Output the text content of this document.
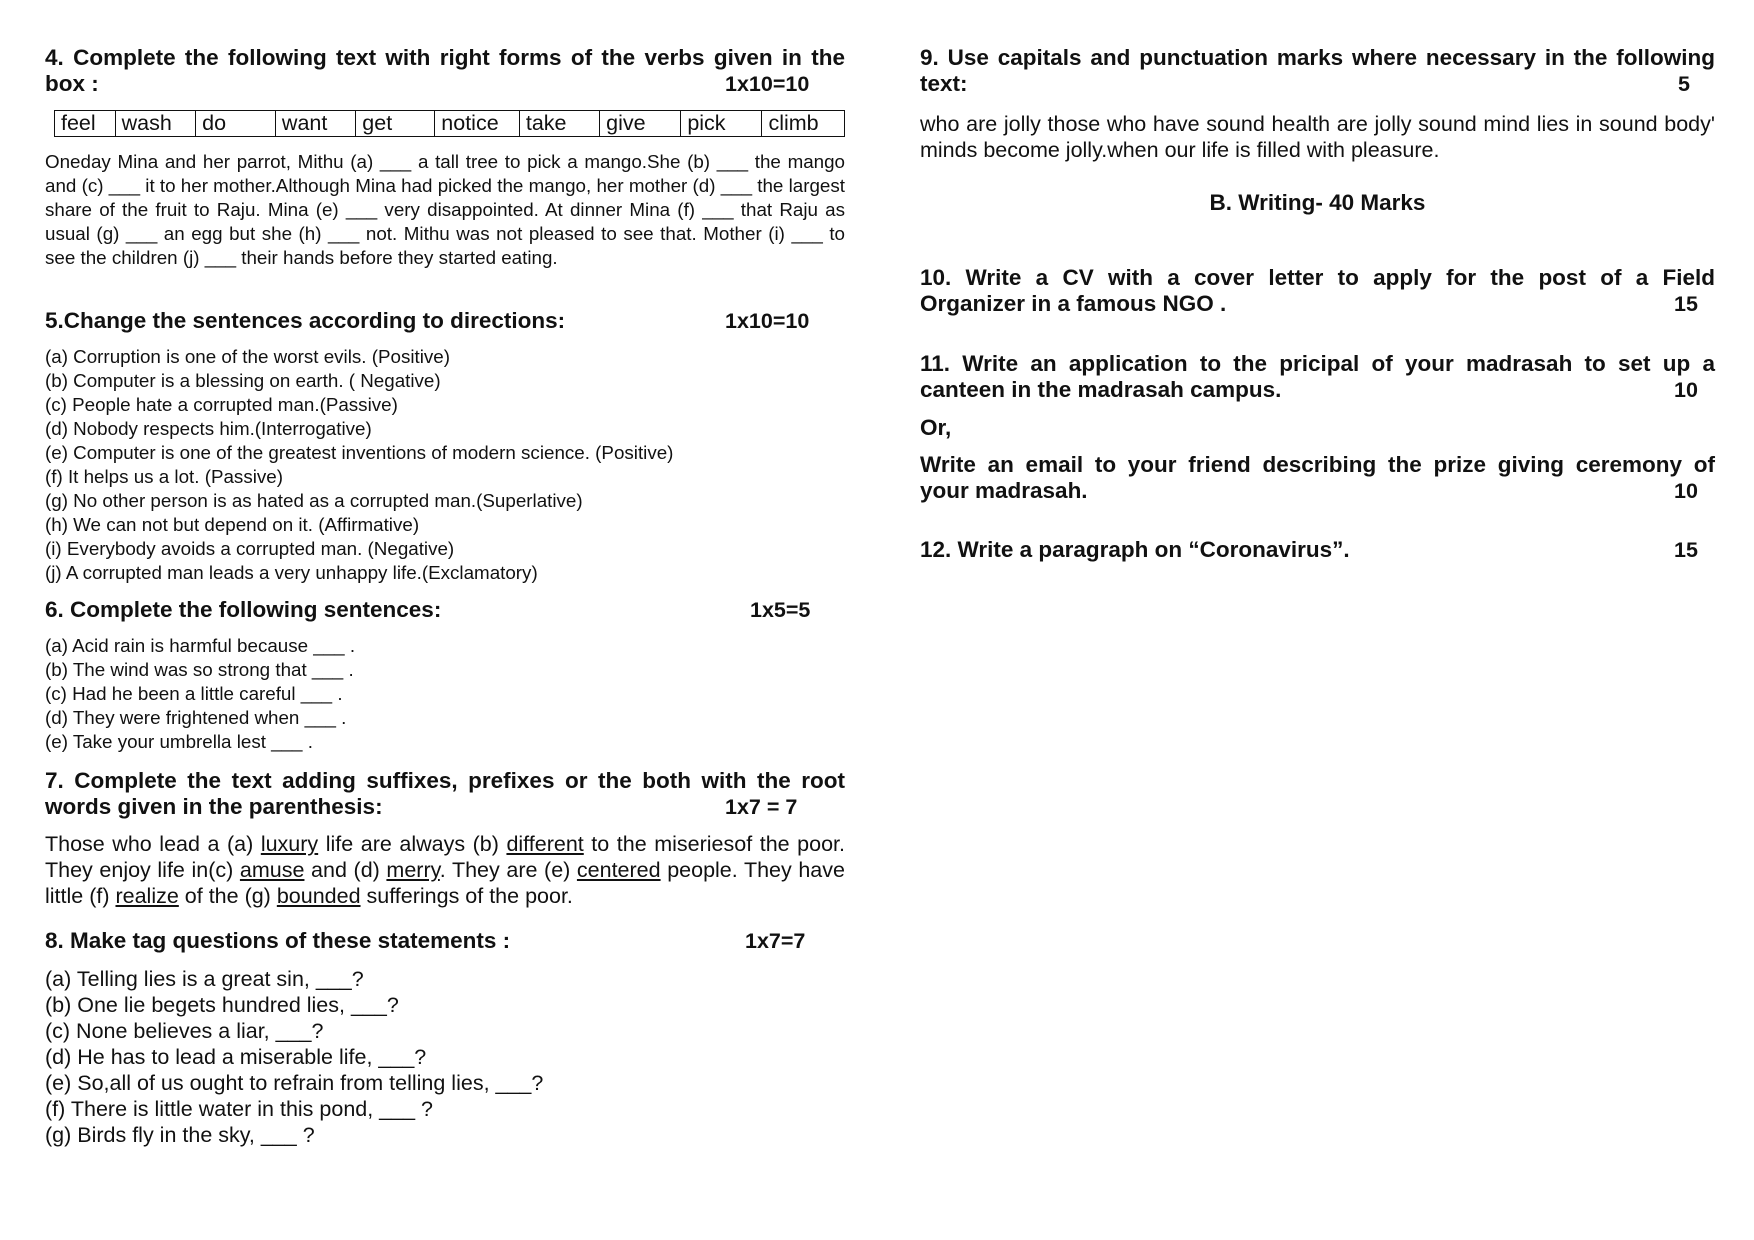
4. Complete the following text with right forms of the verbs given in the
box :	1x10=10
feel	wash	do	want	get	notice	take	give	pick	climb
Oneday Mina and her parrot, Mithu (a) ___ a tall tree to pick a mango.She (b) ___ the mango and (c) ___ it to her mother.Although Mina had picked the mango, her mother (d) ___ the largest share of the fruit to Raju. Mina (e) ___ very disappointed. At dinner Mina (f) ___ that Raju as usual (g) ___ an egg but she (h) ___ not. Mithu was not pleased to see that. Mother (i) ___ to see the children (j) ___ their hands before they started eating.
5.Change the sentences according to directions:	1x10=10
(a) Corruption is one of the worst evils. (Positive)
(b) Computer is a blessing on earth. ( Negative)
(c) People hate a corrupted man.(Passive)
(d) Nobody respects him.(Interrogative)
(e) Computer is one of the greatest inventions of modern science. (Positive)
(f) It helps us a lot. (Passive)
(g) No other person is as hated as a corrupted man.(Superlative)
(h) We can not but depend on it. (Affirmative)
(i) Everybody avoids a corrupted man. (Negative)
(j) A corrupted man leads a very unhappy life.(Exclamatory)
6. Complete the following sentences:	1x5=5
(a) Acid rain is harmful because ___ .
(b) The wind was so strong that ___ .
(c) Had he been a little careful ___ .
(d) They were frightened when ___ .
(e) Take your umbrella lest ___ .
7. Complete the text adding suffixes, prefixes or the both with the root
words given in the parenthesis:	1x7 = 7
Those who lead a (a) luxury life are always (b) different to the miseriesof the poor. They enjoy life in(c) amuse and (d) merry. They are (e) centered people. They have little (f) realize of the (g) bounded sufferings of the poor.
8. Make tag questions of these statements :	1x7=7
(a) Telling lies is a great sin, ___?
(b) One lie begets hundred lies, ___?
(c) None believes a liar, ___?
(d) He has to lead a miserable life, ___?
(e) So,all of us ought to refrain from telling lies, ___?
(f) There is little water in this pond, ___ ?
(g) Birds fly in the sky, ___ ?
9. Use capitals and punctuation marks where necessary in the following
text:	5
who are jolly those who have sound health are jolly sound mind lies in sound body' minds become jolly.when our life is filled with pleasure.
B. Writing- 40 Marks
10. Write a CV with a cover letter to apply for the post of a Field
Organizer in a famous NGO .	15
11. Write an application to the pricipal of your madrasah to set up a
canteen in the madrasah campus.	10
Or,
Write an email to your friend describing the prize giving ceremony of
your madrasah.	10
12. Write a paragraph on “Coronavirus”.	15
